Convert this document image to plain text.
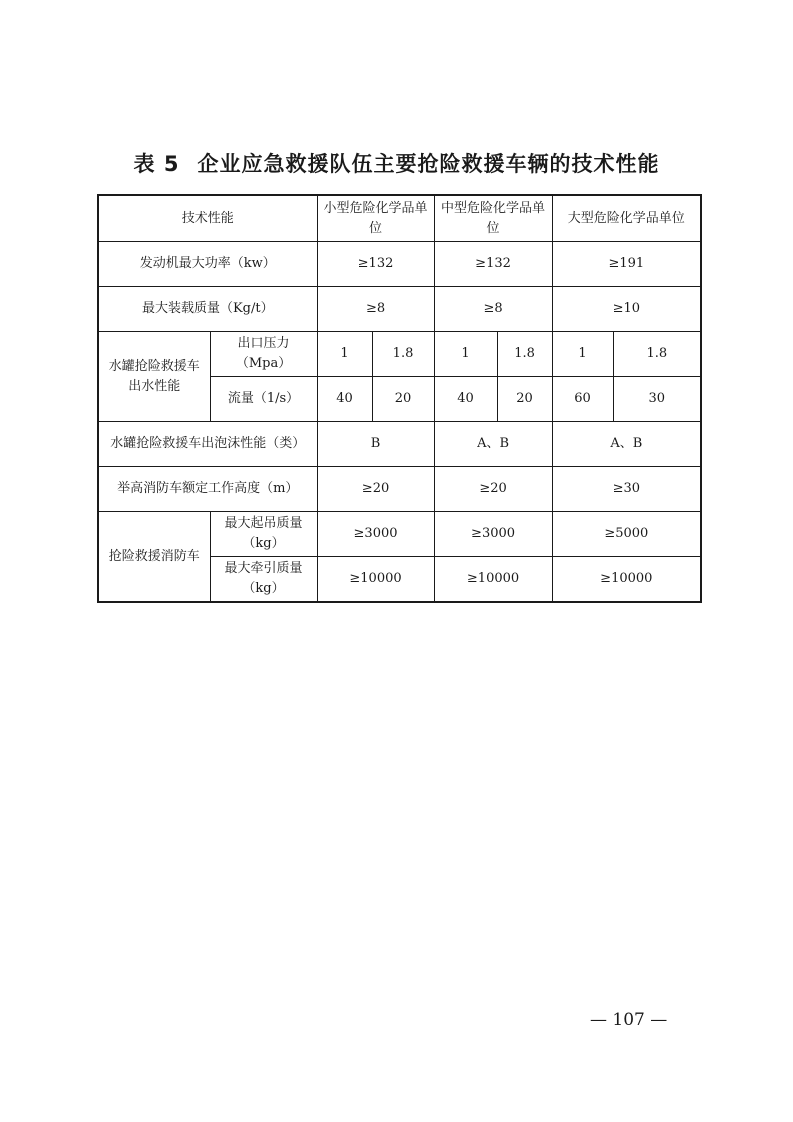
表 5 企业应急救援队伍主要抢险救援车辆的技术性能
技术性能		小型危险化学品单位		中型危险化学品单位		大型危险化学品单位	
发动机最大功率（kw）		≥132		≥132		≥191	
最大装载质量（Kg/t）		≥8		≥8		≥10	
水罐抢险救援车出水性能	出口压力（Mpa）	1	1.8	1	1.8	1	1.8
	流量（1/s）	40	20	40	20	60	30
水罐抢险救援车出泡沫性能（类）		B		A、B		A、B	
举高消防车额定工作高度（m）		≥20		≥20		≥30	
抢险救援消防车	最大起吊质量（kg）	≥3000		≥3000		≥5000	
	最大牵引质量（kg）	≥10000		≥10000		≥10000	
— 107 —
